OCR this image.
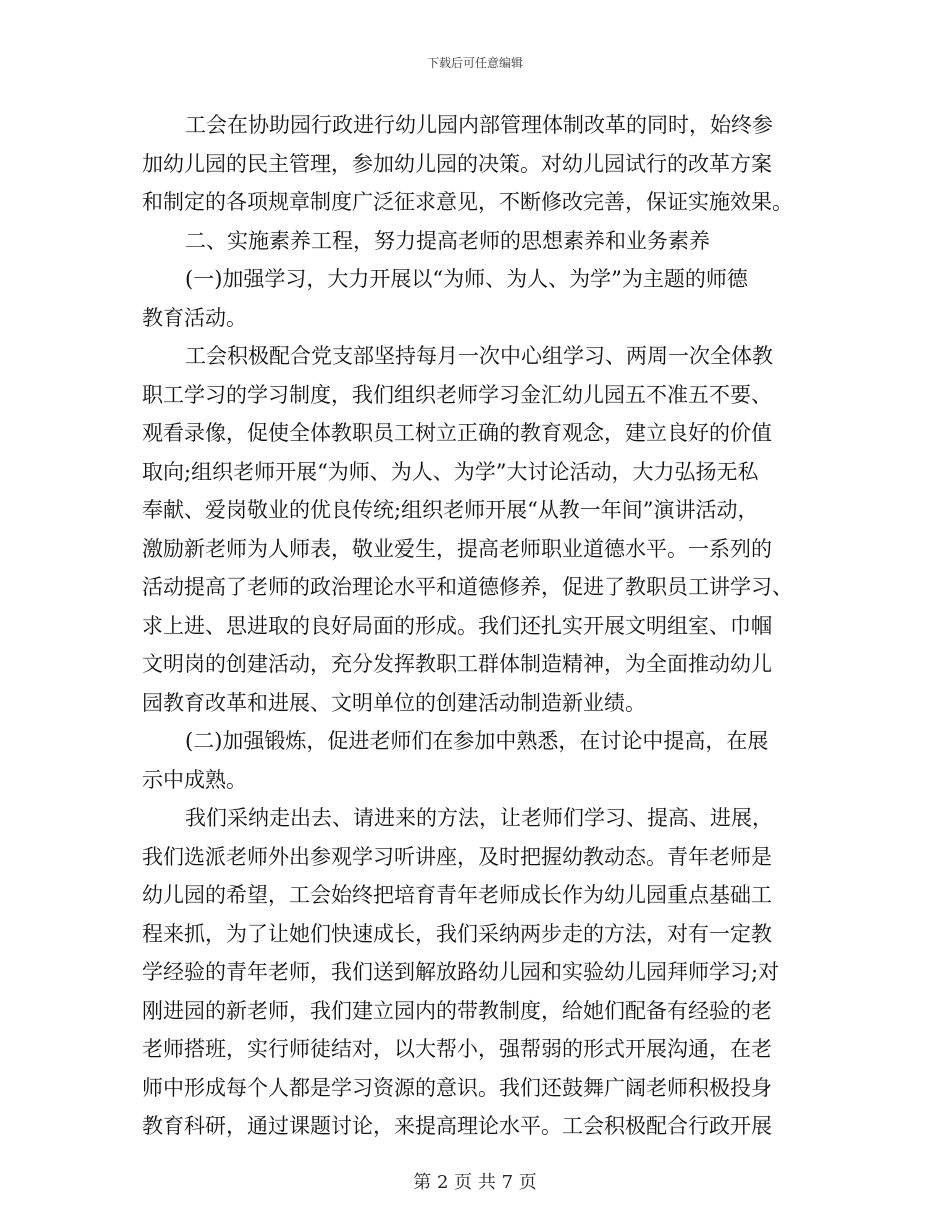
下载后可任意编辑
工会在协助园行政进行幼儿园内部管理体制改革的同时，始终参
加幼儿园的民主管理，参加幼儿园的决策。对幼儿园试行的改革方案
和制定的各项规章制度广泛征求意见，不断修改完善，保证实施效果。
二、实施素养工程，努力提高老师的思想素养和业务素养
(一)加强学习，大力开展以“为师、为人、为学”为主题的师德
教育活动。
工会积极配合党支部坚持每月一次中心组学习、两周一次全体教
职工学习的学习制度，我们组织老师学习金汇幼儿园五不准五不要、
观看录像，促使全体教职员工树立正确的教育观念，建立良好的价值
取向;组织老师开展“为师、为人、为学”大讨论活动，大力弘扬无私
奉献、爱岗敬业的优良传统;组织老师开展“从教一年间”演讲活动，
激励新老师为人师表，敬业爱生，提高老师职业道德水平。一系列的
活动提高了老师的政治理论水平和道德修养，促进了教职员工讲学习、
求上进、思进取的良好局面的形成。我们还扎实开展文明组室、巾帼
文明岗的创建活动，充分发挥教职工群体制造精神，为全面推动幼儿
园教育改革和进展、文明单位的创建活动制造新业绩。
(二)加强锻炼，促进老师们在参加中熟悉，在讨论中提高，在展
示中成熟。
我们采纳走出去、请进来的方法，让老师们学习、提高、进展，
我们选派老师外出参观学习听讲座，及时把握幼教动态。青年老师是
幼儿园的希望，工会始终把培育青年老师成长作为幼儿园重点基础工
程来抓，为了让她们快速成长，我们采纳两步走的方法，对有一定教
学经验的青年老师，我们送到解放路幼儿园和实验幼儿园拜师学习;对
刚进园的新老师，我们建立园内的带教制度，给她们配备有经验的老
老师搭班，实行师徒结对，以大帮小，强帮弱的形式开展沟通，在老
师中形成每个人都是学习资源的意识。我们还鼓舞广阔老师积极投身
教育科研，通过课题讨论，来提高理论水平。工会积极配合行政开展
第 2 页 共 7 页
